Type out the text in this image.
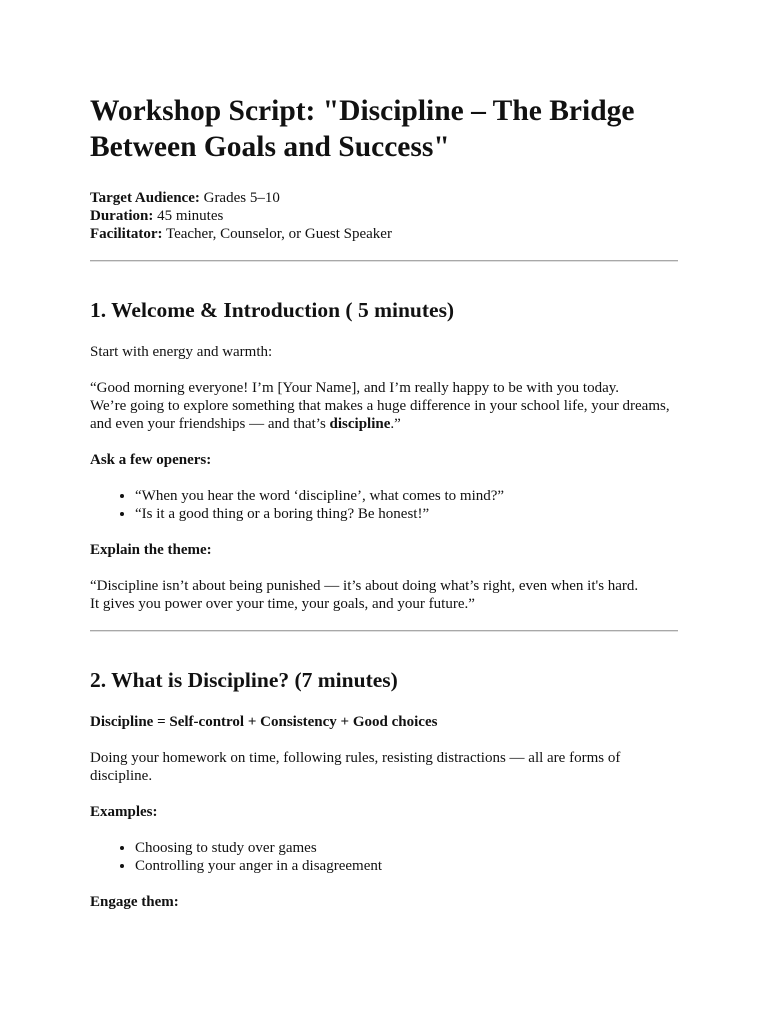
Workshop Script: "Discipline – The Bridge Between Goals and Success"

Target Audience: Grades 5–10

Duration: 45 minutes

Facilitator: Teacher, Counselor, or Guest Speaker

1. Welcome & Introduction ( 5 minutes)

Start with energy and warmth:

“Good morning everyone! I’m [Your Name], and I’m really happy to be with you today.
We’re going to explore something that makes a huge difference in your school life, your dreams, and even your friendships — and that’s discipline.”

Ask a few openers:

• “When you hear the word ‘discipline’, what comes to mind?”
• “Is it a good thing or a boring thing? Be honest!”

Explain the theme:

“Discipline isn’t about being punished — it’s about doing what’s right, even when it's hard.
It gives you power over your time, your goals, and your future.”

2. What is Discipline? (7 minutes)

Discipline = Self-control + Consistency + Good choices

Doing your homework on time, following rules, resisting distractions — all are forms of discipline.

Examples:

• Choosing to study over games
• Controlling your anger in a disagreement

Engage them:
